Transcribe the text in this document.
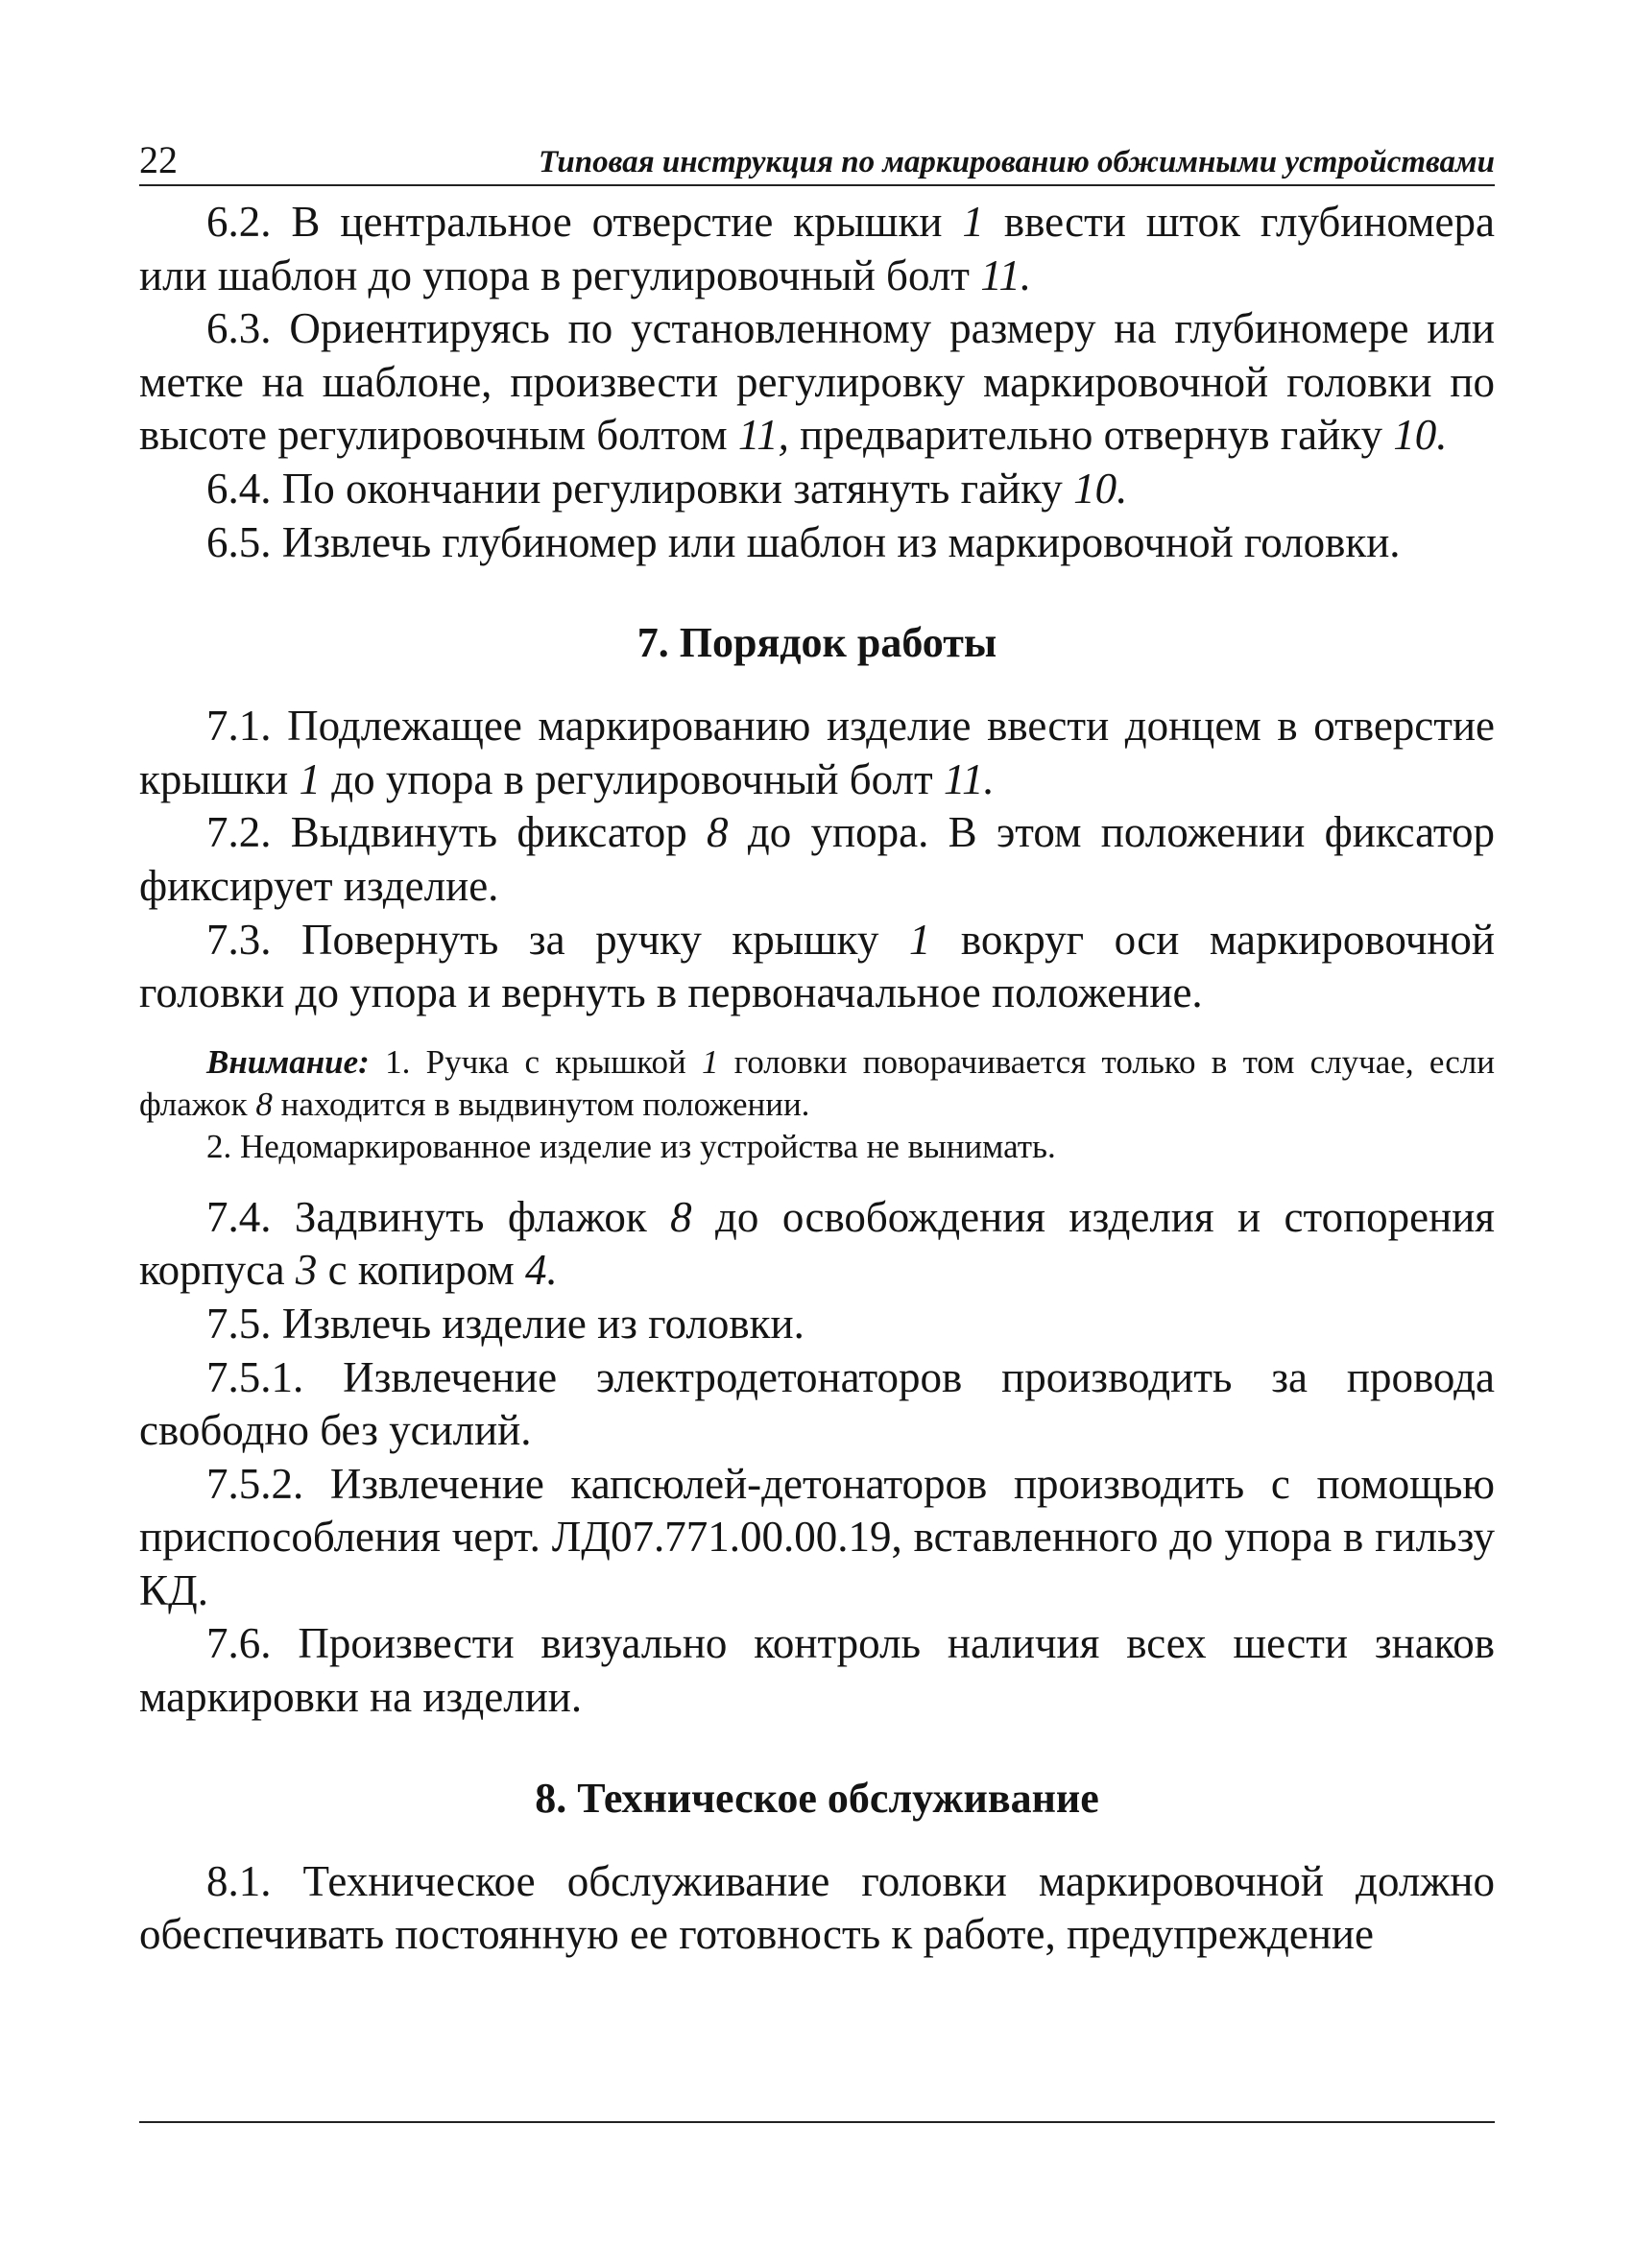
22	Типовая инструкция по маркированию обжимными устройствами

6.2. В центральное отверстие крышки 1 ввести шток глубиномера или шаблон до упора в регулировочный болт 11.

6.3. Ориентируясь по установленному размеру на глубиномере или метке на шаблоне, произвести регулировку маркировочной головки по высоте регулировочным болтом 11, предварительно отвернув гайку 10.

6.4. По окончании регулировки затянуть гайку 10.

6.5. Извлечь глубиномер или шаблон из маркировочной головки.

7. Порядок работы

7.1. Подлежащее маркированию изделие ввести донцем в отверстие крышки 1 до упора в регулировочный болт 11.

7.2. Выдвинуть фиксатор 8 до упора. В этом положении фиксатор фиксирует изделие.

7.3. Повернуть за ручку крышку 1 вокруг оси маркировочной головки до упора и вернуть в первоначальное положение.

Внимание: 1. Ручка с крышкой 1 головки поворачивается только в том случае, если флажок 8 находится в выдвинутом положении.

2. Недомаркированное изделие из устройства не вынимать.

7.4. Задвинуть флажок 8 до освобождения изделия и стопорения корпуса 3 с копиром 4.

7.5. Извлечь изделие из головки.

7.5.1. Извлечение электродетонаторов производить за провода свободно без усилий.

7.5.2. Извлечение капсюлей-детонаторов производить с помощью приспособления черт. ЛД07.771.00.00.19, вставленного до упора в гильзу КД.

7.6. Произвести визуально контроль наличия всех шести знаков маркировки на изделии.

8. Техническое обслуживание

8.1. Техническое обслуживание головки маркировочной должно обеспечивать постоянную ее готовность к работе, предупреждение
